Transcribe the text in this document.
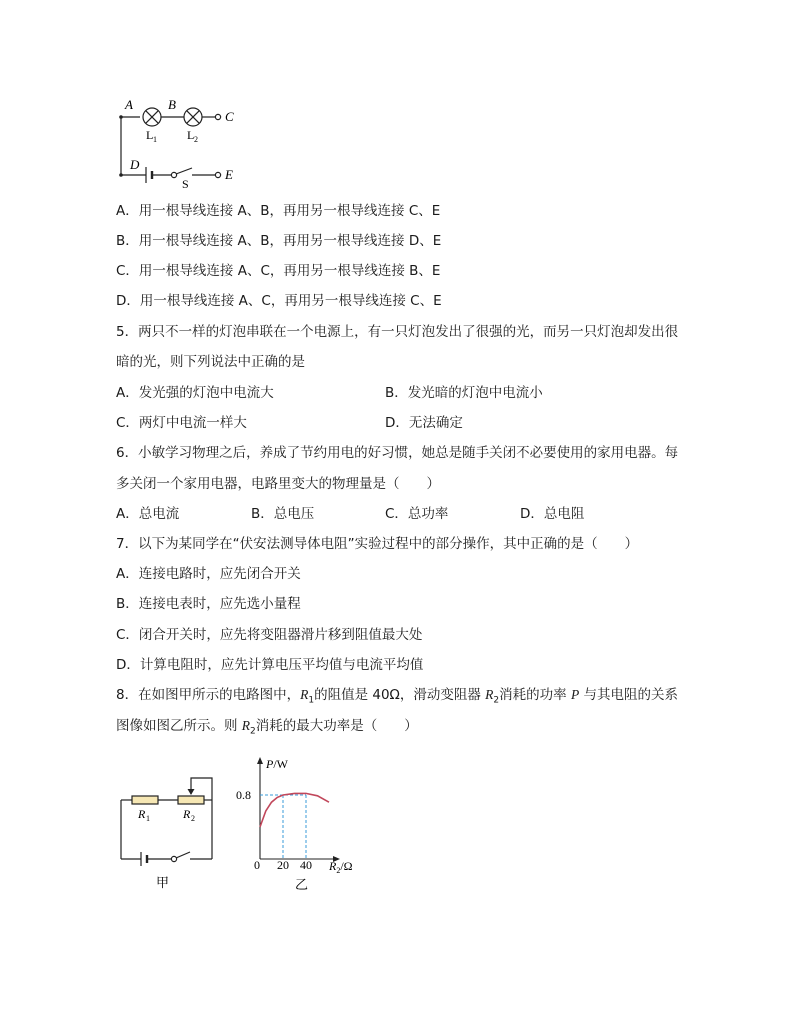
A	B
C
D
E
L 1	L 2
S
A．用一根导线连接 A、B，再用另一根导线连接 C、E
B．用一根导线连接 A、B，再用另一根导线连接 D、E
C．用一根导线连接 A、C，再用另一根导线连接 B、E
D．用一根导线连接 A、C，再用另一根导线连接 C、E
5．两只不一样的灯泡串联在一个电源上，有一只灯泡发出了很强的光，而另一只灯泡却发出很
暗的光，则下列说法中正确的是
A．发光强的灯泡中电流大	B．发光暗的灯泡中电流小
C．两灯中电流一样大	D．无法确定
6．小敏学习物理之后，养成了节约用电的好习惯，她总是随手关闭不必要使用的家用电器。每
多关闭一个家用电器，电路里变大的物理量是（　　）
A．总电流	B．总电压	C．总功率	D．总电阻
7．以下为某同学在“伏安法测导体电阻”实验过程中的部分操作，其中正确的是（　　）
A．连接电路时，应先闭合开关
B．连接电表时，应先选小量程
C．闭合开关时，应先将变阻器滑片移到阻值最大处
D．计算电阻时，应先计算电压平均值与电流平均值
8．在如图甲所示的电路图中，$R_1$的阻值是 40Ω，滑动变阻器 $R_2$消耗的功率 P 与其电阻的关系
图像如图乙所示。则 $R_2$消耗的最大功率是（　　）
R 1	R 2
甲
P/W
0.8
0 20 40 $R_2/\Omega$
乙
